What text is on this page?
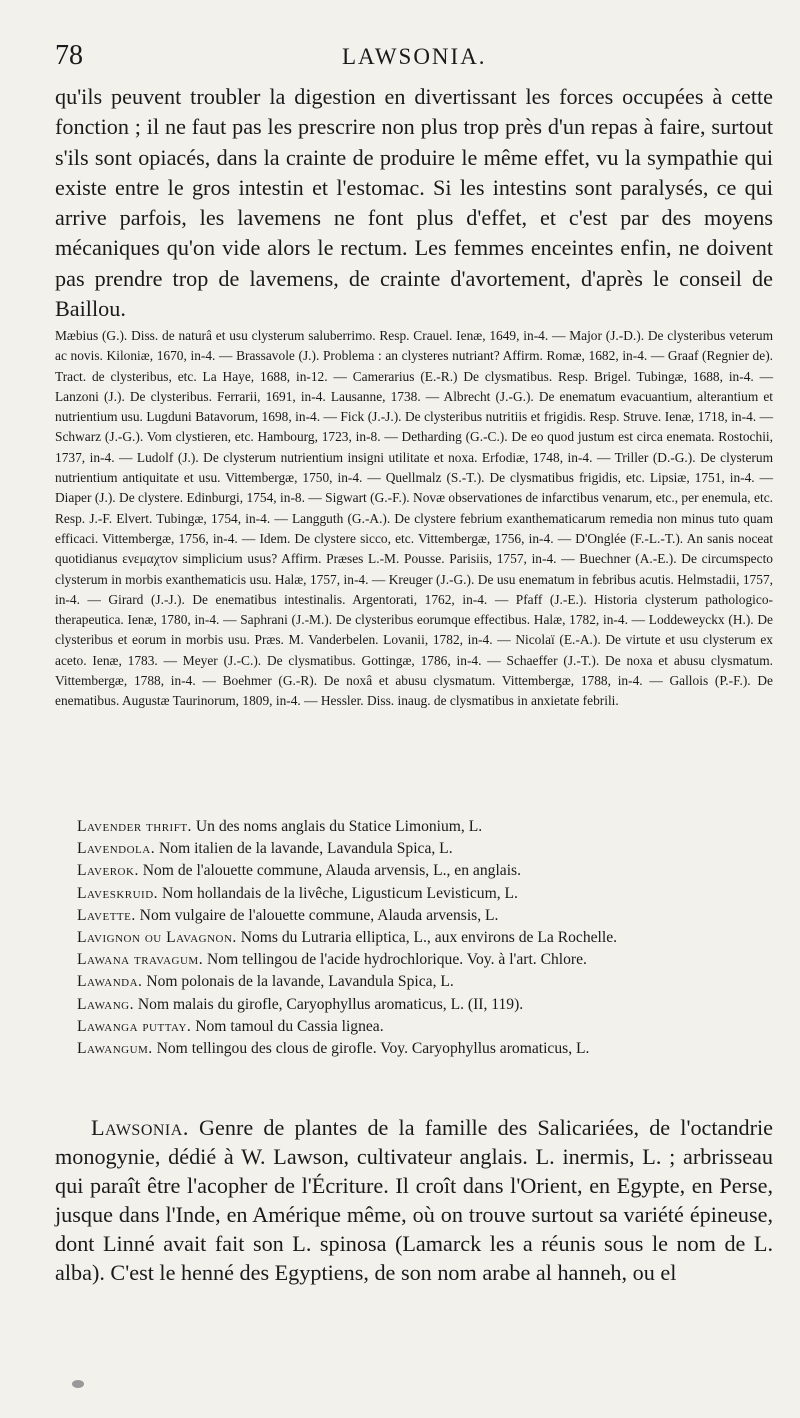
78	LAWSONIA.
qu'ils peuvent troubler la digestion en divertissant les forces occupées à cette fonction ; il ne faut pas les prescrire non plus trop près d'un repas à faire, surtout s'ils sont opiacés, dans la crainte de produire le même effet, vu la sympathie qui existe entre le gros intestin et l'estomac. Si les intestins sont paralysés, ce qui arrive parfois, les lavemens ne font plus d'effet, et c'est par des moyens mécaniques qu'on vide alors le rectum. Les femmes enceintes enfin, ne doivent pas prendre trop de lavemens, de crainte d'avortement, d'après le conseil de Baillou.
Mæbius (G.). Diss. de naturâ et usu clysterum saluberrimo. Resp. Crauel. Ienæ, 1649, in-4. — Major (J.-D.). De clysteribus veterum ac novis. Kiloniæ, 1670, in-4. — Brassavole (J.). Problema : an clysteres nutriant? Affirm. Romæ, 1682, in-4. — Graaf (Regnier de). Tract. de clysteribus, etc. La Haye, 1688, in-12. — Camerarius (E.-R.) De clysmatibus. Resp. Brigel. Tubingæ, 1688, in-4. — Lanzoni (J.). De clysteribus. Ferrarii, 1691, in-4. Lausanne, 1738. — Albrecht (J.-G.). De enematum evacuantium, alterantium et nutrientium usu. Lugduni Batavorum, 1698, in-4. — Fick (J.-J.). De clysteribus nutritiis et frigidis. Resp. Struve. Ienæ, 1718, in-4. — Schwarz (J.-G.). Vom clystieren, etc. Hambourg, 1723, in-8. — Detharding (G.-C.). De eo quod justum est circa enemata. Rostochii, 1737, in-4. — Ludolf (J.). De clysterum nutrientium insigni utilitate et noxa. Erfodiæ, 1748, in-4. — Triller (D.-G.). De clysterum nutrientium antiquitate et usu. Vittembergæ, 1750, in-4. — Quellmalz (S.-T.). De clysmatibus frigidis, etc. Lipsiæ, 1751, in-4. — Diaper (J.). De clystere. Edinburgi, 1754, in-8. — Sigwart (G.-F.). Novæ observationes de infarctibus venarum, etc., per enemula, etc. Resp. J.-F. Elvert. Tubingæ, 1754, in-4. — Langguth (G.-A.). De clystere febrium exanthematicarum remedia non minus tuto quam efficaci. Vittembergæ, 1756, in-4. — Idem. De clystere sicco, etc. Vittembergæ, 1756, in-4. — D'Onglée (F.-L.-T.). An sanis noceat quotidianus ενεμαχτον simplicium usus? Affirm. Præses L.-M. Pousse. Parisiis, 1757, in-4. — Buechner (A.-E.). De circumspecto clysterum in morbis exanthematicis usu. Halæ, 1757, in-4. — Kreuger (J.-G.). De usu enematum in febribus acutis. Helmstadii, 1757, in-4. — Girard (J.-J.). De enematibus intestinalis. Argentorati, 1762, in-4. — Pfaff (J.-E.). Historia clysterum pathologico-therapeutica. Ienæ, 1780, in-4. — Saphrani (J.-M.). De clysteribus eorumque effectibus. Halæ, 1782, in-4. — Loddeweyckx (H.). De clysteribus et eorum in morbis usu. Præs. M. Vanderbelen. Lovanii, 1782, in-4. — Nicolaï (E.-A.). De virtute et usu clysterum ex aceto. Ienæ, 1783. — Meyer (J.-C.). De clysmatibus. Gottingæ, 1786, in-4. — Schaeffer (J.-T.). De noxa et abusu clysmatum. Vittembergæ, 1788, in-4. — Boehmer (G.-R). De noxâ et abusu clysmatum. Vittembergæ, 1788, in-4. — Gallois (P.-F.). De enematibus. Augustæ Taurinorum, 1809, in-4. — Hessler. Diss. inaug. de clysmatibus in anxietate febrili.
Lavender thrift. Un des noms anglais du Statice Limonium, L.
Lavendola. Nom italien de la lavande, Lavandula Spica, L.
Laverok. Nom de l'alouette commune, Alauda arvensis, L., en anglais.
Laveskruid. Nom hollandais de la livêche, Ligusticum Levisticum, L.
Lavette. Nom vulgaire de l'alouette commune, Alauda arvensis, L.
Lavignon ou Lavagnon. Noms du Lutraria elliptica, L., aux environs de La Rochelle.
Lawana travagum. Nom tellingou de l'acide hydrochlorique. Voy. à l'art. Chlore.
Lawanda. Nom polonais de la lavande, Lavandula Spica, L.
Lawang. Nom malais du girofle, Caryophyllus aromaticus, L. (II, 119).
Lawanga puttay. Nom tamoul du Cassia lignea.
Lawangum. Nom tellingou des clous de girofle. Voy. Caryophyllus aromaticus, L.
Lawsonia. Genre de plantes de la famille des Salicariées, de l'octandrie monogynie, dédié à W. Lawson, cultivateur anglais. L. inermis, L. ; arbrisseau qui paraît être l'acopher de l'Écriture. Il croît dans l'Orient, en Egypte, en Perse, jusque dans l'Inde, en Amérique même, où on trouve surtout sa variété épineuse, dont Linné avait fait son L. spinosa (Lamarck les a réunis sous le nom de L. alba). C'est le henné des Egyptiens, de son nom arabe al hanneh, ou el
